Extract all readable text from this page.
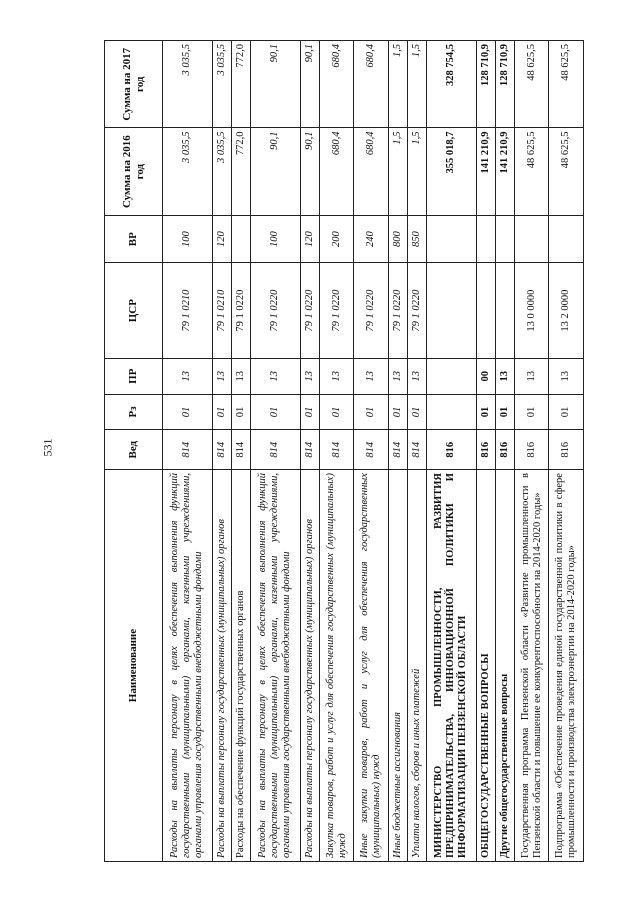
531
Наименование	Вед	Рз	ПР	ЦСР	ВР	Сумма на 2016 год	Сумма на 2017 год
Расходы на выплаты персоналу в целях обеспечения выполнения функций государственными (муниципальными) органами, казенными учреждениями, органами управления государственными внебюджетными фондами	814	01	13	79 1 0210	100	3 035,5	3 035,5
Расходы на выплаты персоналу государственных (муниципальных) органов	814	01	13	79 1 0210	120	3 035,5	3 035,5
Расходы на обеспечение функций государственных органов	814	01	13	79 1 0220		772,0	772,0
Расходы на выплаты персоналу в целях обеспечения выполнения функций государственными (муниципальными) органами, казенными учреждениями, органами управления государственными внебюджетными фондами	814	01	13	79 1 0220	100	90,1	90,1
Расходы на выплаты персоналу государственных (муниципальных) органов	814	01	13	79 1 0220	120	90,1	90,1
Закупка товаров, работ и услуг для обеспечения государственных (муниципальных) нужд	814	01	13	79 1 0220	200	680,4	680,4
Иные закупки товаров, работ и услуг для обеспечения государственных (муниципальных) нужд	814	01	13	79 1 0220	240	680,4	680,4
Иные бюджетные ассигнования	814	01	13	79 1 0220	800	1,5	1,5
Уплата налогов, сборов и иных платежей	814	01	13	79 1 0220	850	1,5	1,5
МИНИСТЕРСТВО ПРОМЫШЛЕННОСТИ, РАЗВИТИЯ ПРЕДПРИНИМАТЕЛЬСТВА, ИННОВАЦИОННОЙ ПОЛИТИКИ И ИНФОРМАТИЗАЦИИ ПЕНЗЕНСКОЙ ОБЛАСТИ	816					355 018,7	328 754,5
ОБЩЕГОСУДАРСТВЕННЫЕ ВОПРОСЫ	816	01	00			141 210,9	128 710,9
Другие общегосударственные вопросы	816	01	13			141 210,9	128 710,9
Государственная программа Пензенской области «Развитие промышленности в Пензенской области и повышение ее конкурентоспособности на 2014-2020 годы»	816	01	13	13 0 0000		48 625,5	48 625,5
Подпрограмма «Обеспечение проведения единой государственной политики в сфере промышленности и производства электроэнергии на 2014-2020 годы»	816	01	13	13 2 0000		48 625,5	48 625,5
